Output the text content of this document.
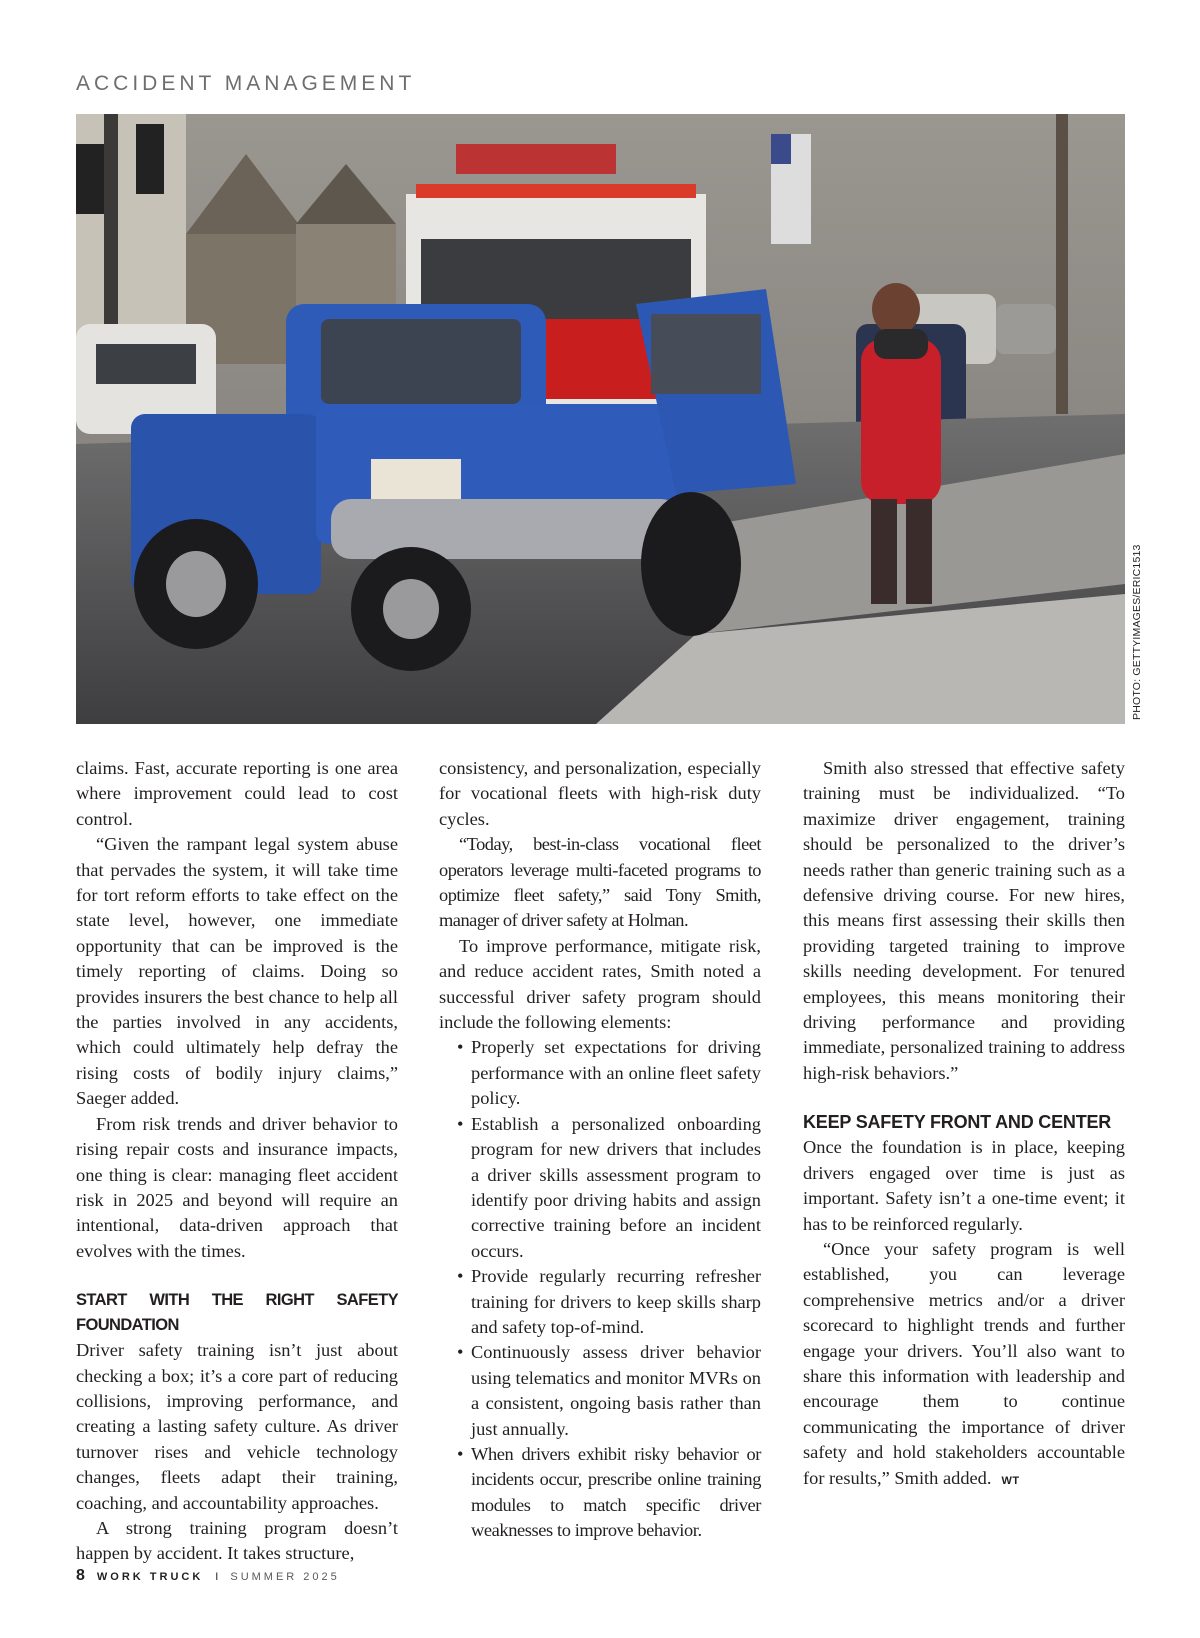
ACCIDENT MANAGEMENT
PHOTO: GETTYIMAGES/ERIC1513

claims. Fast, accurate reporting is one area where improvement could lead to cost control.

“Given the rampant legal system abuse that pervades the system, it will take time for tort reform efforts to take effect on the state level, however, one immediate opportunity that can be improved is the timely reporting of claims. Doing so provides insurers the best chance to help all the parties involved in any accidents, which could ultimately help defray the rising costs of bodily injury claims,” Saeger added.

From risk trends and driver behavior to rising repair costs and insurance impacts, one thing is clear: managing fleet accident risk in 2025 and beyond will require an intentional, data-driven approach that evolves with the times.

START WITH THE RIGHT SAFETY FOUNDATION

Driver safety training isn’t just about checking a box; it’s a core part of reducing collisions, improving performance, and creating a lasting safety culture. As driver turnover rises and vehicle technology changes, fleets adapt their training, coaching, and accountability approaches.

A strong training program doesn’t happen by accident. It takes structure,

consistency, and personalization, especially for vocational fleets with high-risk duty cycles.

“Today, best-in-class vocational fleet operators leverage multi-faceted programs to optimize fleet safety,” said Tony Smith, manager of driver safety at Holman.

To improve performance, mitigate risk, and reduce accident rates, Smith noted a successful driver safety program should include the following elements:

• Properly set expectations for driving performance with an online fleet safety policy.
• Establish a personalized onboarding program for new drivers that includes a driver skills assessment program to identify poor driving habits and assign corrective training before an incident occurs.
• Provide regularly recurring refresher training for drivers to keep skills sharp and safety top-of-mind.
• Continuously assess driver behavior using telematics and monitor MVRs on a consistent, ongoing basis rather than just annually.
• When drivers exhibit risky behavior or incidents occur, prescribe online training modules to match specific driver weaknesses to improve behavior.

Smith also stressed that effective safety training must be individualized. “To maximize driver engagement, training should be personalized to the driver’s needs rather than generic training such as a defensive driving course. For new hires, this means first assessing their skills then providing targeted training to improve skills needing development. For tenured employees, this means monitoring their driving performance and providing immediate, personalized training to address high-risk behaviors.”

KEEP SAFETY FRONT AND CENTER

Once the foundation is in place, keeping drivers engaged over time is just as important. Safety isn’t a one-time event; it has to be reinforced regularly.

“Once your safety program is well established, you can leverage comprehensive metrics and/or a driver scorecard to highlight trends and further engage your drivers. You’ll also want to share this information with leadership and encourage them to continue communicating the importance of driver safety and hold stakeholders accountable for results,” Smith added. WT

8 WORK TRUCK I SUMMER 2025
